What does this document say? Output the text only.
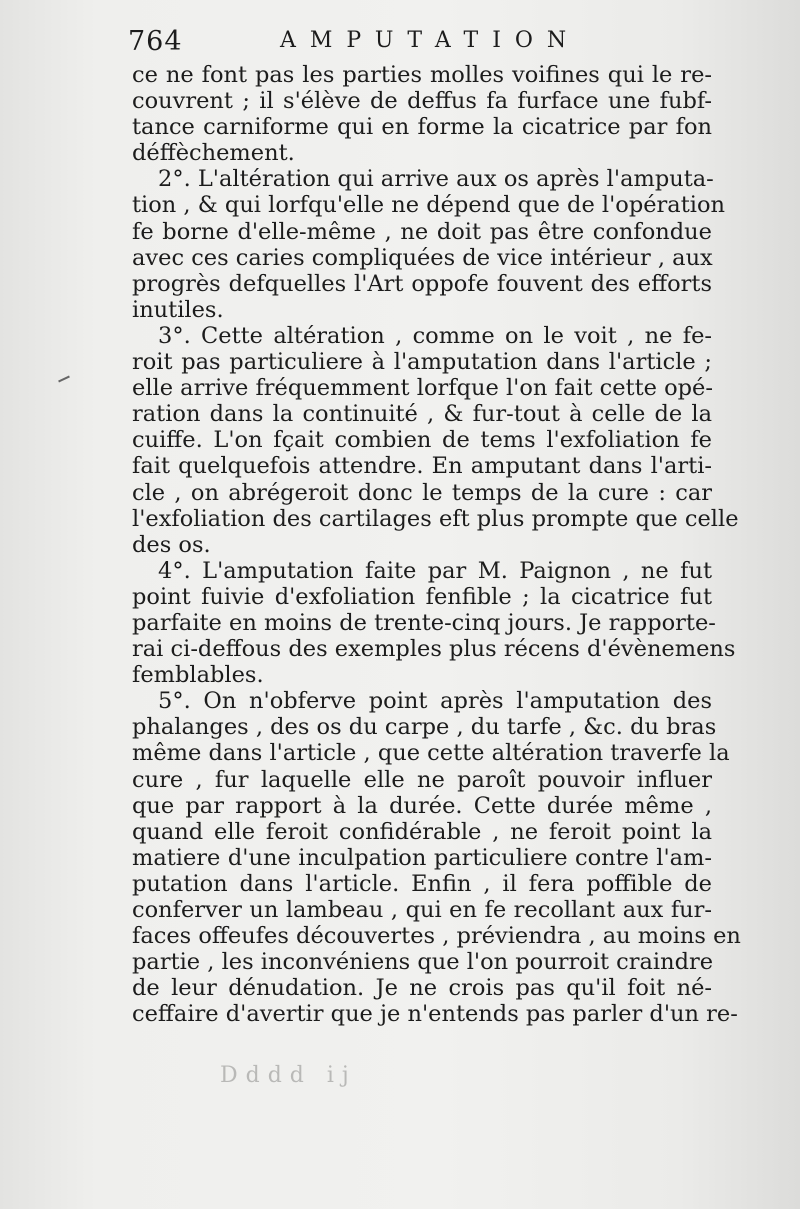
764	AMPUTATION
ce ne font pas les parties molles voifines qui le re-
couvrent ; il s'élève de deffus fa furface une fubf-
tance carniforme qui en forme la cicatrice par fon
déffèchement.
2°. L'altération qui arrive aux os après l'amputa-
tion , & qui lorfqu'elle ne dépend que de l'opération
fe borne d'elle-même , ne doit pas être confondue
avec ces caries compliquées de vice intérieur , aux
progrès defquelles l'Art oppofe fouvent des efforts
inutiles.
3°. Cette altération , comme on le voit , ne fe-
roit pas particuliere à l'amputation dans l'article ;
elle arrive fréquemment lorfque l'on fait cette opé-
ration dans la continuité , & fur-tout à celle de la
cuiffe. L'on fçait combien de tems l'exfoliation fe
fait quelquefois attendre. En amputant dans l'arti-
cle , on abrégeroit donc le temps de la cure : car
l'exfoliation des cartilages eft plus prompte que celle
des os.
4°. L'amputation faite par M. Paignon , ne fut
point fuivie d'exfoliation fenfible ; la cicatrice fut
parfaite en moins de trente-cinq jours. Je rapporte-
rai ci-deffous des exemples plus récens d'évènemens
femblables.
5°. On n'obferve point après l'amputation des
phalanges , des os du carpe , du tarfe , &c. du bras
même dans l'article , que cette altération traverfe la
cure , fur laquelle elle ne paroît pouvoir influer
que par rapport à la durée. Cette durée même ,
quand elle feroit confidérable , ne feroit point la
matiere d'une inculpation particuliere contre l'am-
putation dans l'article. Enfin , il fera poffible de
conferver un lambeau , qui en fe recollant aux fur-
faces offeufes découvertes , préviendra , au moins en
partie , les inconvéniens que l'on pourroit craindre
de leur dénudation. Je ne crois pas qu'il foit né-
ceffaire d'avertir que je n'entends pas parler d'un re-
Dddd ij
